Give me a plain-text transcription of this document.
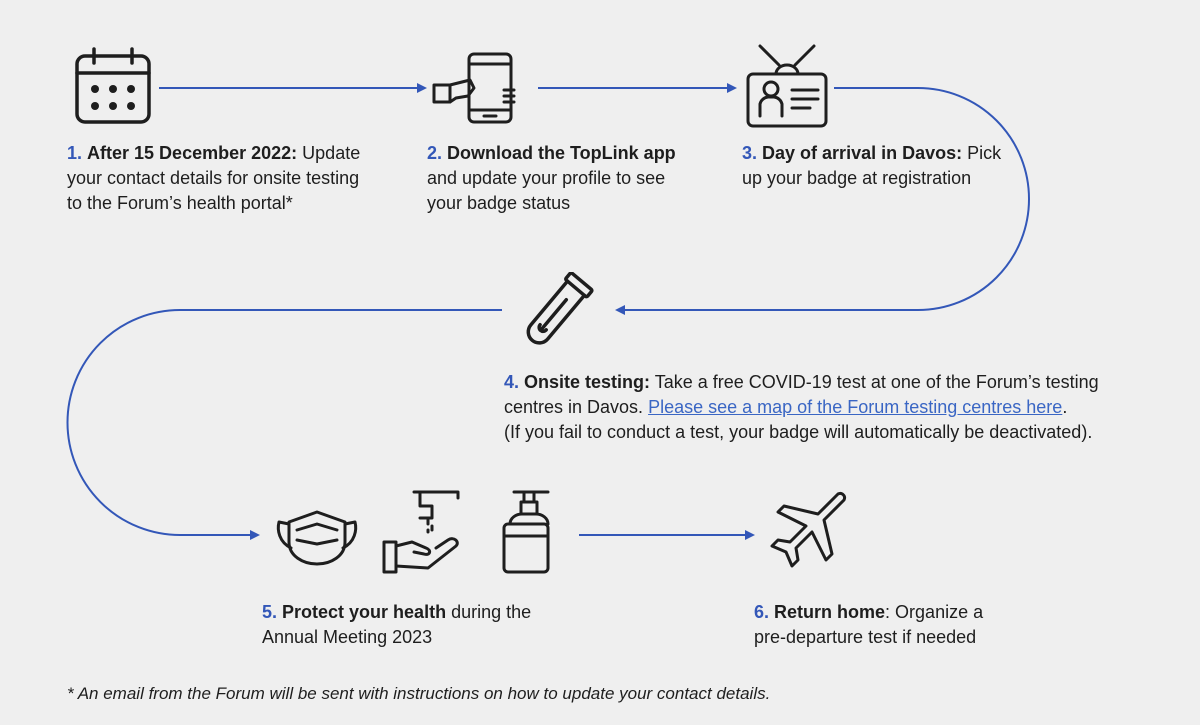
1. After 15 December 2022: Update
your contact details for onsite testing
to the Forum’s health portal*
2. Download the TopLink app
and update your profile to see
your badge status
3. Day of arrival in Davos: Pick
up your badge at registration
4. Onsite testing: Take a free COVID-19 test at one of the Forum’s testing
centres in Davos. Please see a map of the Forum testing centres here.
(If you fail to conduct a test, your badge will automatically be deactivated).
5. Protect your health during the
Annual Meeting 2023
6. Return home: Organize a
pre-departure test if needed
* An email from the Forum will be sent with instructions on how to update your contact details.
